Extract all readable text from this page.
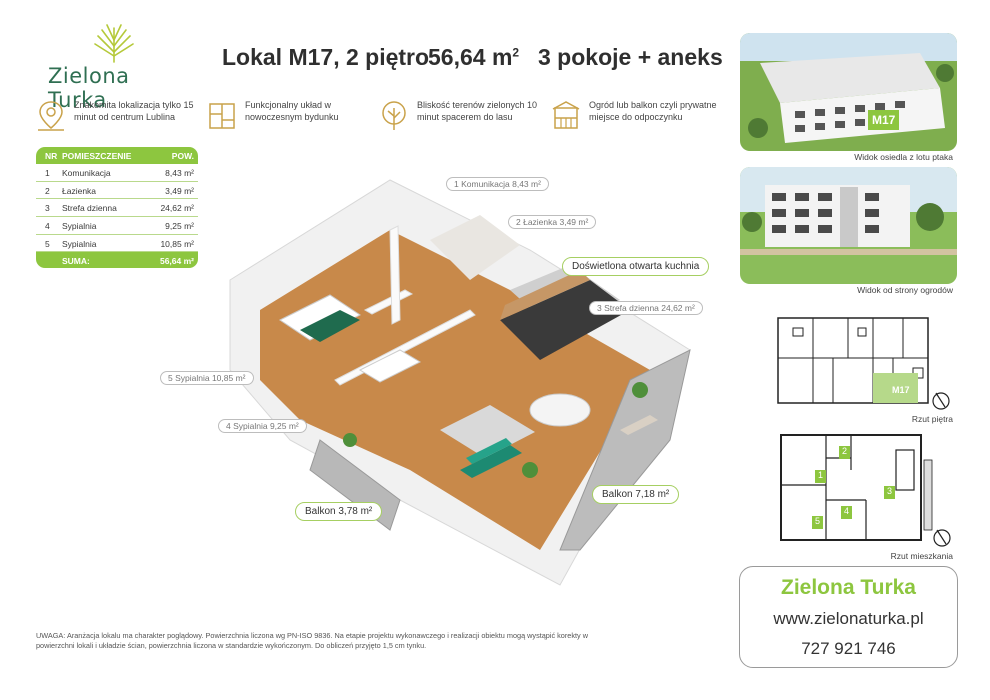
Zielona Turka
Lokal M17, 2 piętro
56,64 $m^2$ 3 pokoje + aneks
Znakomita lokalizacja tylko 15 minut od centrum Lublina
Funkcjonalny układ w nowoczesnym bydunku
Bliskość terenów zielonych 10 minut spacerem do lasu
Ogród lub balkon czyli prywatne miejsce do odpoczynku
NR POMIESZCZENIE	POW.
1 Komunikacja	8,43 m²
2 Łazienka	3,49 m²
3 Strefa dzienna	24,62 m²
4 Sypialnia	9,25 m²
5 Sypialnia	10,85 m²
SUMA:	56,64 m²
1 Komunikacja 8,43 m²
2 Łazienka 3,49 m²
Doświetlona otwarta kuchnia
3 Strefa dzienna 24,62 m²
5 Sypialnia 10,85 m²
4 Sypialnia 9,25 m²
Balkon 3,78 m²
Balkon 7,18 m²
M17
Widok osiedla z lotu ptaka
Widok od strony ogrodów
M17
Rzut piętra
1
2
3
4
5
Rzut mieszkania
Zielona Turka
www.zielonaturka.pl
727 921 746
UWAGA: Aranżacja lokalu ma charakter poglądowy. Powierzchnia liczona wg PN-ISO 9836. Na etapie projektu wykonawczego i realizacji obiektu mogą wystąpić korekty w powierzchni lokali i układzie ścian, powierzchnia liczona w standardzie wykończonym. Do obliczeń przyjęto 1,5 cm tynku.
